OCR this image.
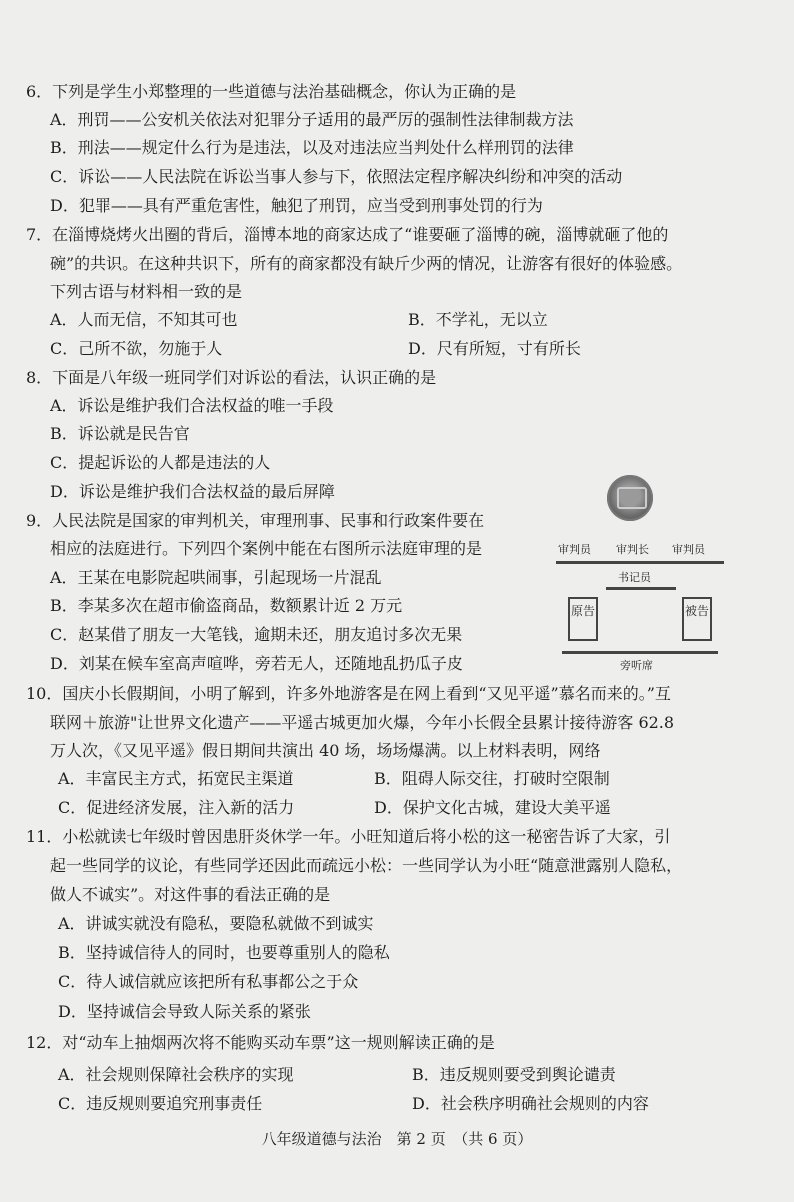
6．下列是学生小郑整理的一些道德与法治基础概念，你认为正确的是
A．刑罚——公安机关依法对犯罪分子适用的最严厉的强制性法律制裁方法
B．刑法——规定什么行为是违法，以及对违法应当判处什么样刑罚的法律
C．诉讼——人民法院在诉讼当事人参与下，依照法定程序解决纠纷和冲突的活动
D．犯罪——具有严重危害性，触犯了刑罚，应当受到刑事处罚的行为
7．在淄博烧烤火出圈的背后，淄博本地的商家达成了“谁要砸了淄博的碗，淄博就砸了他的
碗”的共识。在这种共识下，所有的商家都没有缺斤少两的情况，让游客有很好的体验感。
下列古语与材料相一致的是
A．人而无信，不知其可也	B．不学礼，无以立
C．己所不欲，勿施于人	D．尺有所短，寸有所长
8．下面是八年级一班同学们对诉讼的看法，认识正确的是
A．诉讼是维护我们合法权益的唯一手段
B．诉讼就是民告官
C．提起诉讼的人都是违法的人
D．诉讼是维护我们合法权益的最后屏障
9．人民法院是国家的审判机关，审理刑事、民事和行政案件要在
相应的法庭进行。下列四个案例中能在右图所示法庭审理的是
A．王某在电影院起哄闹事，引起现场一片混乱
B．李某多次在超市偷盗商品，数额累计近 2 万元
C．赵某借了朋友一大笔钱，逾期未还，朋友追讨多次无果
D．刘某在候车室高声喧哗，旁若无人，还随地乱扔瓜子皮
审判员 审判长 审判员
书记员
原告	被告
旁听席
10．国庆小长假期间，小明了解到，许多外地游客是在网上看到“又见平遥”慕名而来的。”互
联网＋旅游"让世界文化遗产——平遥古城更加火爆，今年小长假全县累计接待游客 62.8
万人次，《又见平遥》假日期间共演出 40 场，场场爆满。以上材料表明，网络
A．丰富民主方式，拓宽民主渠道	B．阻碍人际交往，打破时空限制
C．促进经济发展，注入新的活力	D．保护文化古城，建设大美平遥
11．小松就读七年级时曾因患肝炎休学一年。小旺知道后将小松的这一秘密告诉了大家，引
起一些同学的议论，有些同学还因此而疏远小松：一些同学认为小旺“随意泄露别人隐私，
做人不诚实”。对这件事的看法正确的是
A．讲诚实就没有隐私，要隐私就做不到诚实
B．坚持诚信待人的同时，也要尊重别人的隐私
C．待人诚信就应该把所有私事都公之于众
D．坚持诚信会导致人际关系的紧张
12．对“动车上抽烟两次将不能购买动车票”这一规则解读正确的是
A．社会规则保障社会秩序的实现	B．违反规则要受到舆论谴责
C．违反规则要追究刑事责任	D．社会秩序明确社会规则的内容
八年级道德与法治　第 2 页　（共 6 页）
